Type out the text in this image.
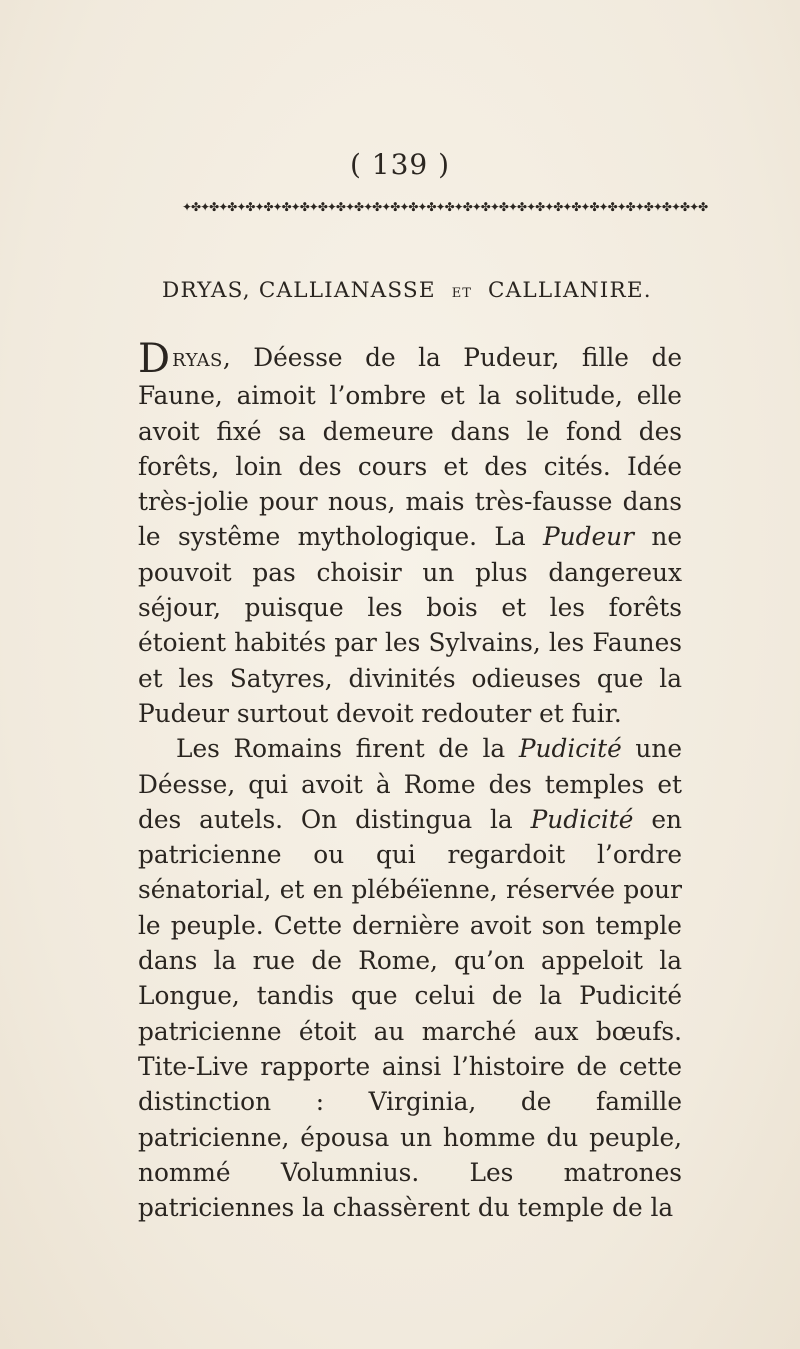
( 139 )
✦✤✦✤✦✤✦✤✦✤✦✤✦✤✦✤✦✤✦✤✦✤✦✤✦✤✦✤✦✤✦✤✦✤✦✤✦✤✦✤✦✤✦✤✦✤✦✤✦✤✦✤✦✤✦✤✦✤
DRYAS, CALLIANASSE ET CALLIANIRE.

DRYAS, Déesse de la Pudeur, fille de Faune, aimoit l’ombre et la solitude, elle avoit fixé sa demeure dans le fond des forêts, loin des cours et des cités. Idée très-jolie pour nous, mais très-fausse dans le systême mythologique. La Pudeur ne pouvoit pas choisir un plus dangereux séjour, puisque les bois et les forêts étoient habités par les Sylvains, les Faunes et les Satyres, divinités odieuses que la Pudeur surtout devoit redouter et fuir.

Les Romains firent de la Pudicité une Déesse, qui avoit à Rome des temples et des autels. On distingua la Pudicité en patricienne ou qui regardoit l’ordre sénatorial, et en plébéïenne, réservée pour le peuple. Cette dernière avoit son temple dans la rue de Rome, qu’on appeloit la Longue, tandis que celui de la Pudicité patricienne étoit au marché aux bœufs. Tite-Live rapporte ainsi l’histoire de cette distinction : Virginia, de famille patricienne, épousa un homme du peuple, nommé Volumnius. Les matrones patriciennes la chassèrent du temple de la
